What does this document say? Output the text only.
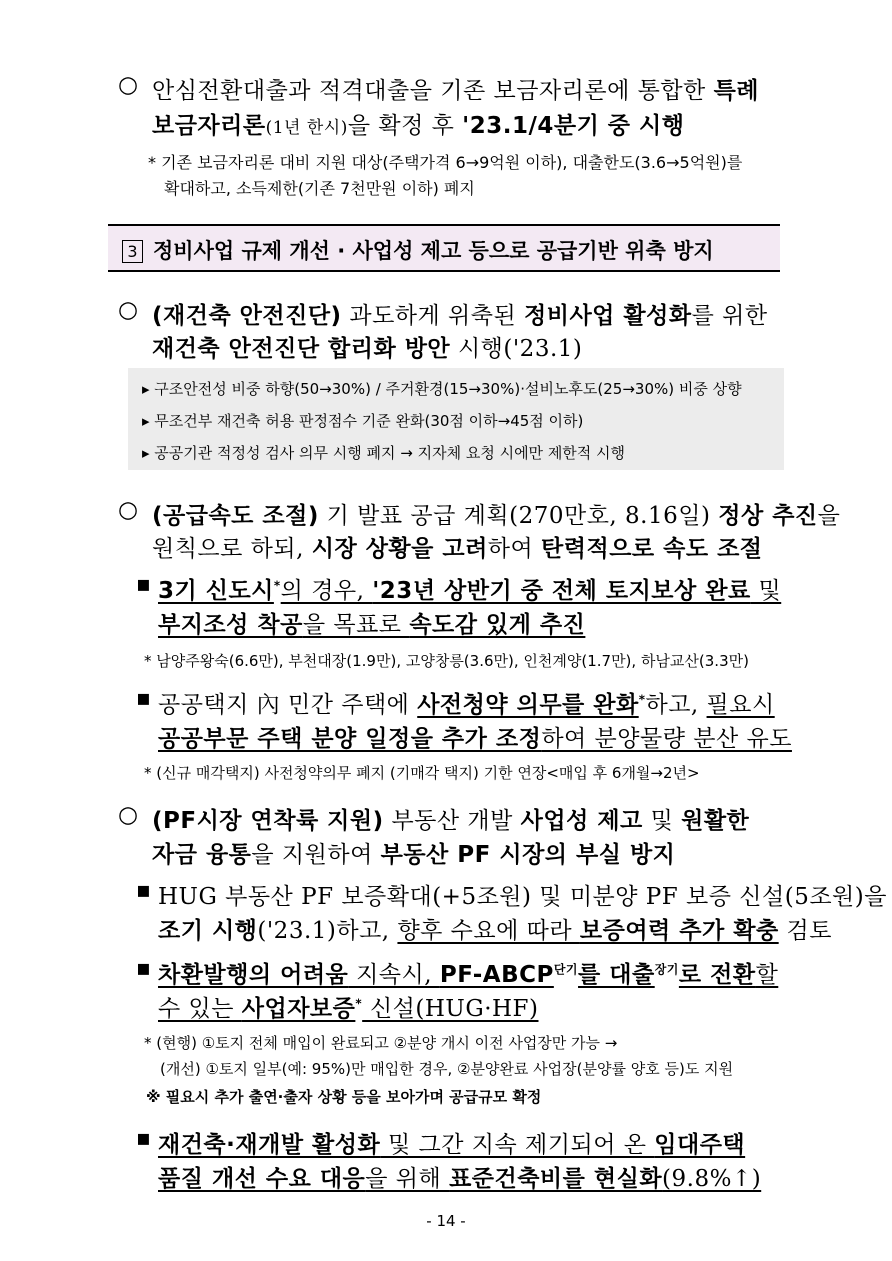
○ 안심전환대출과 적격대출을 기존 보금자리론에 통합한 특례
보금자리론(1년 한시)을 확정 후 '23.1/4분기 중 시행
* 기존 보금자리론 대비 지원 대상(주택가격 6→9억원 이하), 대출한도(3.6→5억원)를
확대하고, 소득제한(기존 7천만원 이하) 폐지
3 정비사업 규제 개선 · 사업성 제고 등으로 공급기반 위축 방지
○ (재건축 안전진단) 과도하게 위축된 정비사업 활성화를 위한
재건축 안전진단 합리화 방안 시행('23.1)
▸ 구조안전성 비중 하향(50→30%) / 주거환경(15→30%)·설비노후도(25→30%) 비중 상향
▸ 무조건부 재건축 허용 판정점수 기준 완화(30점 이하→45점 이하)
▸ 공공기관 적정성 검사 의무 시행 폐지 → 지자체 요청 시에만 제한적 시행
○ (공급속도 조절) 기 발표 공급 계획(270만호, 8.16일) 정상 추진을
원칙으로 하되, 시장 상황을 고려하여 탄력적으로 속도 조절
▪ 3기 신도시*의 경우, '23년 상반기 중 전체 토지보상 완료 및
부지조성 착공을 목표로 속도감 있게 추진
* 남양주왕숙(6.6만), 부천대장(1.9만), 고양창릉(3.6만), 인천계양(1.7만), 하남교산(3.3만)
▪ 공공택지 內 민간 주택에 사전청약 의무를 완화*하고, 필요시
공공부문 주택 분양 일정을 추가 조정하여 분양물량 분산 유도
* (신규 매각택지) 사전청약의무 폐지 (기매각 택지) 기한 연장<매입 후 6개월→2년>
○ (PF시장 연착륙 지원) 부동산 개발 사업성 제고 및 원활한
자금 융통을 지원하여 부동산 PF 시장의 부실 방지
▪ HUG 부동산 PF 보증확대(+5조원) 및 미분양 PF 보증 신설(5조원)을
조기 시행('23.1)하고, 향후 수요에 따라 보증여력 추가 확충 검토
▪ 차환발행의 어려움 지속시, $PF-ABCP^{단기}$를 대출$^{장기}$로 전환할
수 있는 사업자보증* 신설(HUG·HF)
* (현행) ①토지 전체 매입이 완료되고 ②분양 개시 이전 사업장만 가능 →
(개선) ①토지 일부(예: 95%)만 매입한 경우, ②분양완료 사업장(분양률 양호 등)도 지원
※ 필요시 추가 출연·출자 상황 등을 보아가며 공급규모 확정
▪ 재건축·재개발 활성화 및 그간 지속 제기되어 온 임대주택
품질 개선 수요 대응을 위해 표준건축비를 현실화(9.8%↑)
- 14 -
